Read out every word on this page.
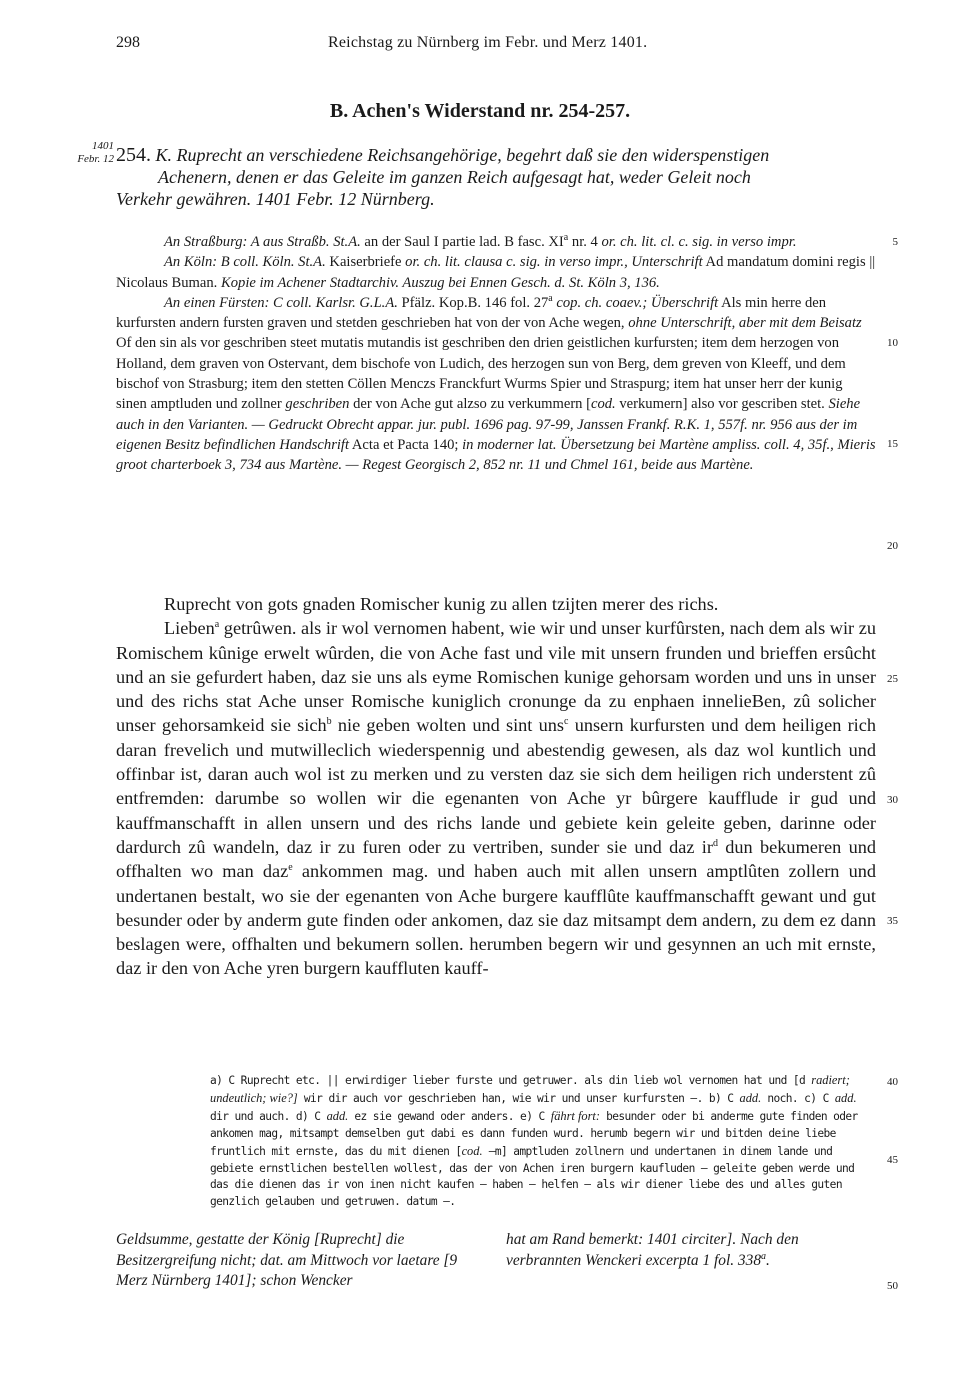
298	Reichstag zu Nürnberg im Febr. und Merz 1401.
B. Achen's Widerstand nr. 254-257.
1401
Febr. 12
5
10
15
20
25
30
35
40
45
50
254. K. Ruprecht an verschiedene Reichsangehörige, begehrt daß sie den widerspenstigen
Achenern, denen er das Geleite im ganzen Reich aufgesagt hat, weder Geleit noch
Verkehr gewähren. 1401 Febr. 12 Nürnberg.

An Straßburg: A aus Straßb. St.A. an der Saul I partie lad. B fasc. $XI^a$ nr. 4 or. ch. lit. cl. c. sig. in verso impr.

An Köln: B coll. Köln. St.A. Kaiserbriefe or. ch. lit. clausa c. sig. in verso impr., Unterschrift Ad mandatum domini regis || Nicolaus Buman. Kopie im Achener Stadtarchiv. Auszug bei Ennen Gesch. d. St. Köln 3, 136.

An einen Fürsten: C coll. Karlsr. G.L.A. Pfälz. Kop.B. 146 fol. 27$^a$ cop. ch. coaev.; Überschrift Als min herre den kurfursten andern fursten graven und stetden geschrieben hat von der von Ache wegen, ohne Unterschrift, aber mit dem Beisatz Of den sin als vor geschriben steet mutatis mutandis ist geschriben den drien geistlichen kurfursten; item dem herzogen von Holland, dem graven von Ostervant, dem bischofe von Ludich, des herzogen sun von Berg, dem greven von Kleeff, und dem bischof von Strasburg; item den stetten Cöllen Menczs Franckfurt Wurms Spier und Straspurg; item hat unser herr der kunig sinen amptluden und zollner geschriben der von Ache gut alzso zu verkummern [cod. verkumern] also vor gescriben stet. Siehe auch in den Varianten. — Gedruckt Obrecht appar. jur. publ. 1696 pag. 97-99, Janssen Frankf. R.K. 1, 557f. nr. 956 aus der im eigenen Besitz befindlichen Handschrift Acta et Pacta 140; in moderner lat. Übersetzung bei Martène ampliss. coll. 4, 35f., Mieris groot charterboek 3, 734 aus Martène. — Regest Georgisch 2, 852 nr. 11 und Chmel 161, beide aus Martène.

Ruprecht von gots gnaden Romischer kunig zu allen tzijten merer des richs.

Lieben$^a$ getrûwen. als ir wol vernomen habent, wie wir und unser kurfûrsten, nach dem als wir zu Romischem kûnige erwelt wûrden, die von Ache fast und vile mit unsern frunden und brieffen ersûcht und an sie gefurdert haben, daz sie uns als eyme Romischen kunige gehorsam worden und uns in unser und des richs stat Ache unser Romische kuniglich cronunge da zu enphaen innelieBen, zû solicher unser gehorsamkeid sie sich$^b$ nie geben wolten und sint uns$^c$ unsern kurfursten und dem heiligen rich daran frevelich und mutwilleclich wiederspennig und abestendig gewesen, als daz wol kuntlich und offinbar ist, daran auch wol ist zu merken und zu versten daz sie sich dem heiligen rich understent zû entfremden: darumbe so wollen wir die egenanten von Ache yr bûrgere kaufflude ir gud und kauffmanschafft in allen unsern und des richs lande und gebiete kein geleite geben, darinne oder dardurch zû wandeln, daz ir zu furen oder zu vertriben, sunder sie und daz $ir^d$ dun bekumeren und offhalten wo man daz$^e$ ankommen mag. und haben auch mit allen unsern amptlûten zollern und undertanen bestalt, wo sie der egenanten von Ache burgere kaufflûte kauffmanschafft gewant und gut besunder oder by anderm gute finden oder ankomen, daz sie daz mitsampt dem andern, zu dem ez dann beslagen were, offhalten und bekumern sollen. herumben begern wir und gesynnen an uch mit ernste, daz ir den von Ache yren burgern kauffluten kauff-

a) C Ruprecht etc. || erwirdiger lieber furste und getruwer. als din lieb wol vernomen hat und [d radiert; undeutlich; wie?] wir dir auch vor geschrieben han, wie wir und unser kurfursten —. b) C add. noch. c) C add. dir und auch. d) C add. ez sie gewand oder anders. e) C fährt fort: besunder oder bi anderme gute finden oder ankomen mag, mitsampt demselben gut dabi es dann funden wurd. herumb begern wir und bitden deine liebe fruntlich mit ernste, das du mit dienen [cod. —m] amptluden zollnern und undertanen in dinem lande und gebiete ernstlichen bestellen wollest, das der von Achen iren burgern kaufluden — geleite geben werde und das die dienen das ir von inen nicht kaufen — haben — helfen — als wir diener liebe des und alles guten genzlich gelauben und getruwen. datum —.

Geldsumme, gestatte der König [Ruprecht] die Besitzergreifung nicht; dat. am Mittwoch vor laetare [9 Merz Nürnberg 1401]; schon Wencker

hat am Rand bemerkt: 1401 circiter]. Nach den verbrannten Wenckeri excerpta 1 fol. 338$^a$.
